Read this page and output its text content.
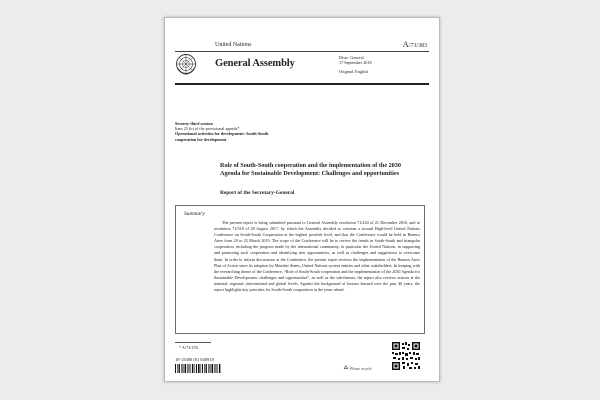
United Nations	A/73/383
General Assembly
Distr.: General
17 September 2018
Original: English
Seventy-third session
Item 25 (b) of the provisional agenda*
Operational activities for development: South-South
cooperation for development
Role of South-South cooperation and the implementation of the 2030 Agenda for Sustainable Development: Challenges and opportunities
Report of the Secretary-General
Summary
The present report is being submitted pursuant to General Assembly resolution 71/244 of 21 December 2016, and to resolution 71/318 of 28 August 2017, by which the Assembly decided to convene a second High-level United Nations Conference on South-South Cooperation at the highest possible level, and that the Conference would be held in Buenos Aires from 20 to 22 March 2019. The scope of the Conference will be to review the trends in South-South and triangular cooperation, including the progress made by the international community, in particular the United Nations, in supporting and promoting such cooperation and identifying new opportunities, as well as challenges and suggestions to overcome them. In order to inform discussions at the Conference, the present report reviews the implementation of the Buenos Aires Plan of Action since its adoption by Member States, United Nations system entities and other stakeholders. In keeping with the overarching theme of the Conference, “Role of South-South cooperation and the implementation of the 2030 Agenda for Sustainable Development: challenges and opportunities”, as well as the sub-themes, the report also reviews actions at the national, regional, international and global levels. Against the background of lessons learned over the past 40 years, the report highlights key priorities for South-South cooperation in the years ahead.
* A/73/150.
18-15400 (E) 040918
Please recycle
